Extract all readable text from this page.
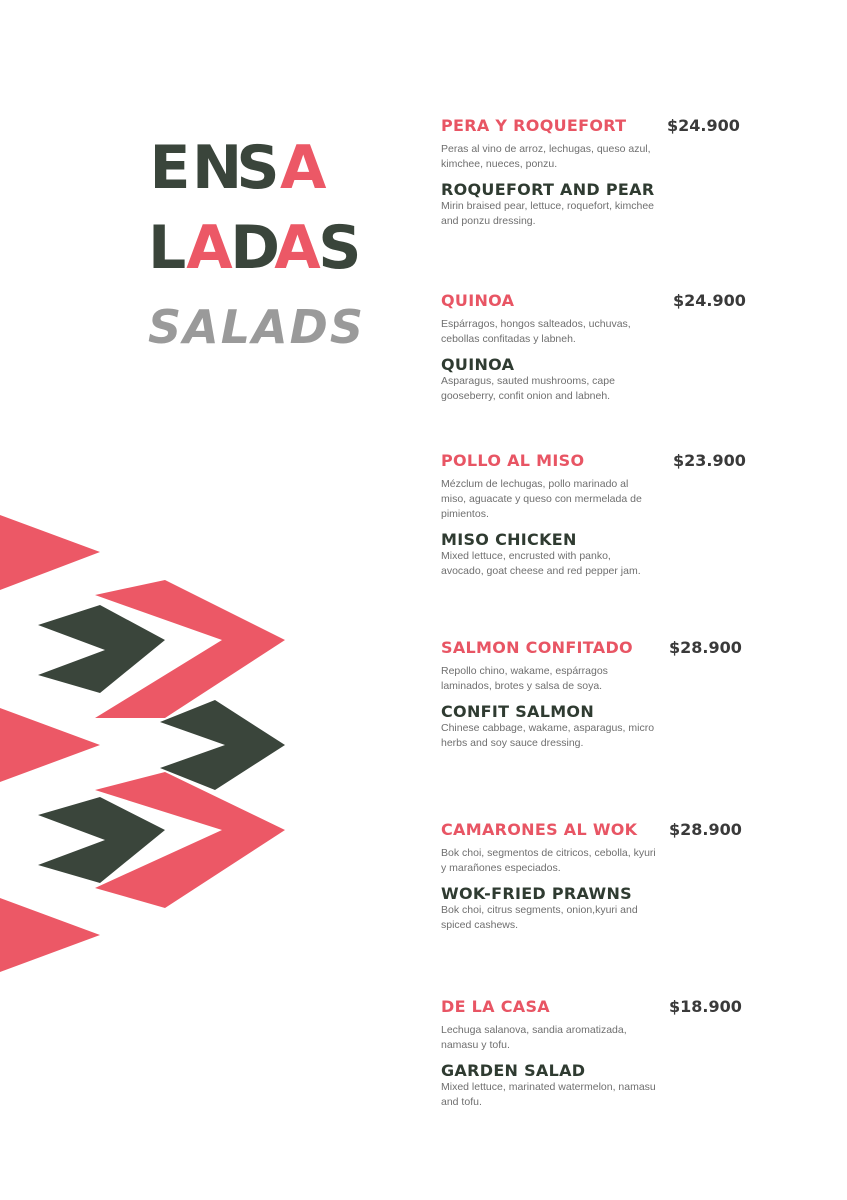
E N
S A
L A
D
A
S
SALADS
PERA Y ROQUEFORT	$24.900
Peras al vino de arroz, lechugas, queso azul, kimchee, nueces, ponzu.
ROQUEFORT AND PEAR
Mirin braised pear, lettuce, roquefort, kimchee and ponzu dressing.
QUINOA	$24.900
Espárragos, hongos salteados, uchuvas, cebollas confitadas y labneh.
QUINOA
Asparagus, sauted mushrooms, cape gooseberry, confit onion and labneh.
POLLO AL MISO	$23.900
Mézclum de lechugas, pollo marinado al miso, aguacate y queso con mermelada de pimientos.
MISO CHICKEN
Mixed lettuce, encrusted with panko, avocado, goat cheese and red pepper jam.
SALMON CONFITADO $28.900
Repollo chino, wakame, espárragos laminados, brotes y salsa de soya.
CONFIT SALMON
Chinese cabbage, wakame, asparagus, micro herbs and soy sauce dressing.
CAMARONES AL WOK $28.900
Bok choi, segmentos de citricos, cebolla, kyuri y marañones especiados.
WOK-FRIED PRAWNS
Bok choi, citrus segments, onion,kyuri and spiced cashews.
DE LA CASA	$18.900
Lechuga salanova, sandia aromatizada, namasu y tofu.
GARDEN SALAD
Mixed lettuce, marinated watermelon, namasu and tofu.
